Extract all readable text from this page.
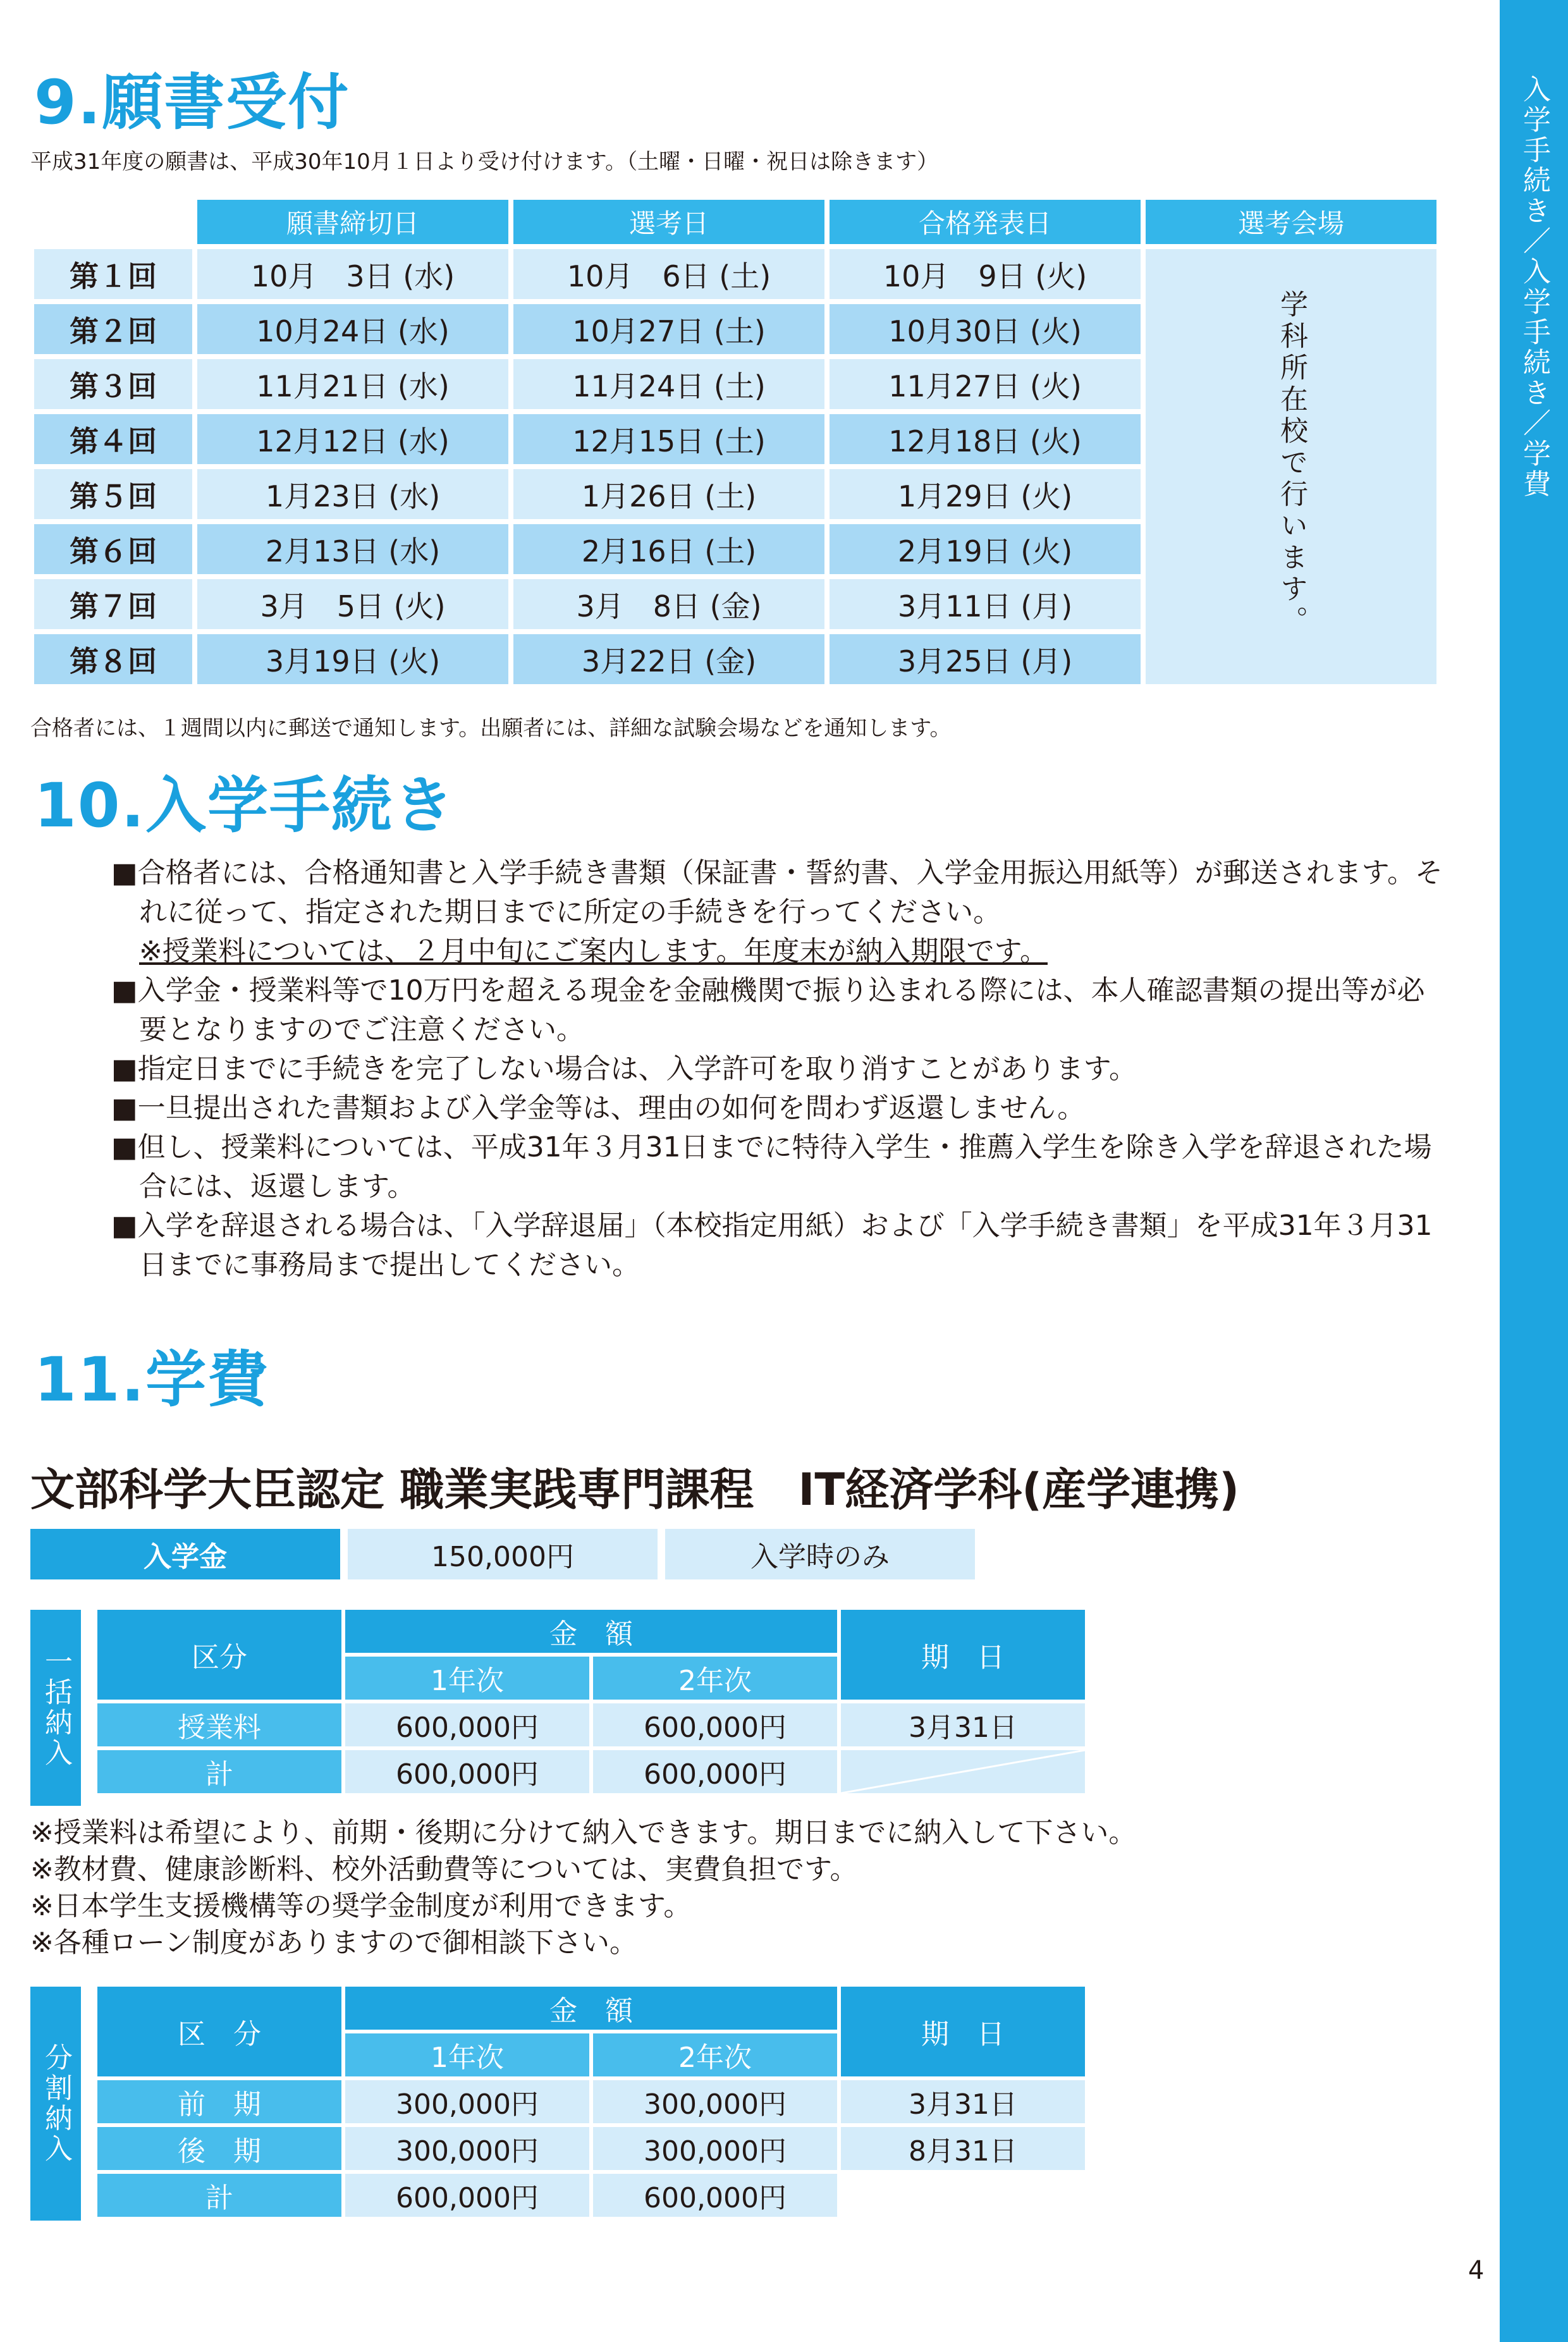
入学手続き／入学手続き／学費
9.願書受付
平成31年度の願書は、平成30年10月１日より受け付けます。（土曜・日曜・祝日は除きます）
	願書締切日	選考日	合格発表日	選考会場
第１回	10月　3日 (水)	10月　6日 (土)	10月　9日 (火)	学科所在校で行います。
第２回	10月24日 (水)	10月27日 (土)	10月30日 (火)	
第３回	11月21日 (水)	11月24日 (土)	11月27日 (火)	
第４回	12月12日 (水)	12月15日 (土)	12月18日 (火)	
第５回	1月23日 (水)	1月26日 (土)	1月29日 (火)	
第６回	2月13日 (水)	2月16日 (土)	2月19日 (火)	
第７回	3月　5日 (火)	3月　8日 (金)	3月11日 (月)	
第８回	3月19日 (火)	3月22日 (金)	3月25日 (月)	
合格者には、１週間以内に郵送で通知します。出願者には、詳細な試験会場などを通知します。
10.入学手続き
■合格者には、合格通知書と入学手続き書類（保証書・誓約書、入学金用振込用紙等）が郵送されます。それに従って、指定された期日までに所定の手続きを行ってください。
※授業料については、２月中旬にご案内します。年度末が納入期限です。
■入学金・授業料等で10万円を超える現金を金融機関で振り込まれる際には、本人確認書類の提出等が必要となりますのでご注意ください。
■指定日までに手続きを完了しない場合は、入学許可を取り消すことがあります。
■一旦提出された書類および入学金等は、理由の如何を問わず返還しません。
■但し、授業料については、平成31年３月31日までに特待入学生・推薦入学生を除き入学を辞退された場合には、返還します。
■入学を辞退される場合は、「入学辞退届」（本校指定用紙）および「入学手続き書類」を平成31年３月31日までに事務局まで提出してください。
11.学費
文部科学大臣認定 職業実践専門課程　IT経済学科(産学連携)
入学金	150,000円	入学時のみ
一括納入	区分	金　額		期　日
	1年次	2年次	
授業料	600,000円	600,000円	3月31日
計	600,000円	600,000円	
※授業料は希望により、前期・後期に分けて納入できます。期日までに納入して下さい。
※教材費、健康診断料、校外活動費等については、実費負担です。
※日本学生支援機構等の奨学金制度が利用できます。
※各種ローン制度がありますので御相談下さい。
分割納入
区　分	金　額		期　日
	1年次	2年次	
前　期	300,000円	300,000円	3月31日
後　期	300,000円	300,000円	8月31日
計	600,000円	600,000円	
4
